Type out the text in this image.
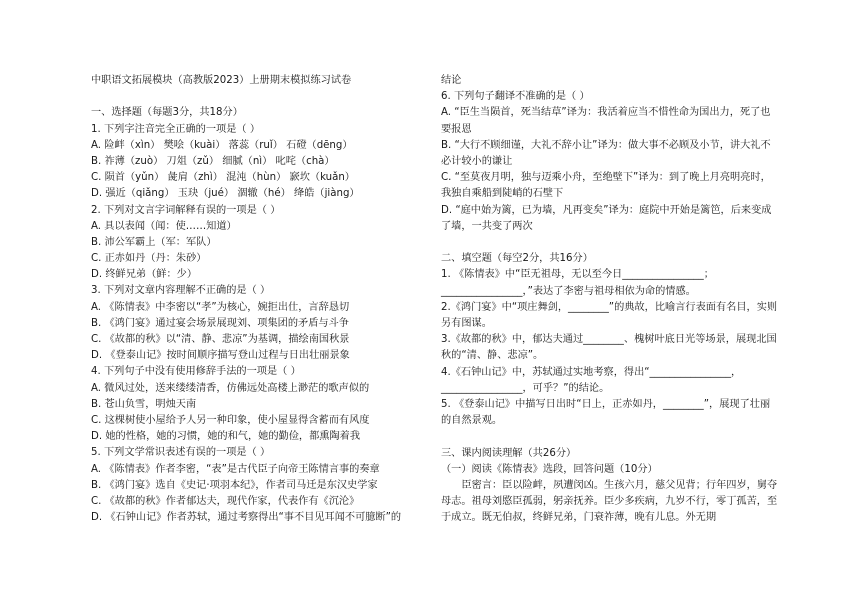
中职语文拓展模块（高教版2023）上册期末模拟练习试卷
一、选择题（每题3分，共18分）
1. 下列字注音完全正确的一项是（ ）
A. 险衅（xìn） 樊哙（kuài） 落蕊（ruǐ） 石磴（dēng）
B. 祚薄（zuò） 刀俎（zǔ） 细腻（nì） 叱咤（chà）
C. 陨首（yǔn） 彘肩（zhì） 混沌（hùn） 窾坎（kuǎn）
D. 强近（qiǎng） 玉玦（jué） 涸辙（hé） 绛皓（jiàng）
2. 下列对文言字词解释有误的一项是（ ）
A. 具以表闻（闻：使……知道）
B. 沛公军霸上（军：军队）
C. 正赤如丹（丹：朱砂）
D. 终鲜兄弟（鲜：少）
3. 下列对文章内容理解不正确的是（ ）
A. 《陈情表》中李密以“孝”为核心，婉拒出仕，言辞恳切
B. 《鸿门宴》通过宴会场景展现刘、项集团的矛盾与斗争
C. 《故都的秋》以“清、静、悲凉”为基调，描绘南国秋景
D. 《登泰山记》按时间顺序描写登山过程与日出壮丽景象
4. 下列句子中没有使用修辞手法的一项是（ ）
A. 微风过处，送来缕缕清香，仿佛远处高楼上渺茫的歌声似的
B. 苍山负雪，明烛天南
C. 这棵树使小屋给予人另一种印象，使小屋显得含蓄而有风度
D. 她的性格，她的习惯，她的和气，她的勤俭，都熏陶着我
5. 下列文学常识表述有误的一项是（ ）
A. 《陈情表》作者李密，“表”是古代臣子向帝王陈情言事的奏章
B. 《鸿门宴》选自《史记·项羽本纪》，作者司马迁是东汉史学家
C. 《故都的秋》作者郁达夫，现代作家，代表作有《沉沦》
D. 《石钟山记》作者苏轼，通过考察得出“事不目见耳闻不可臆断”的
结论
6. 下列句子翻译不准确的是（ ）
A. “臣生当陨首，死当结草”译为：我活着应当不惜性命为国出力，死了也要报恩
B. “大行不顾细谨，大礼不辞小让”译为：做大事不必顾及小节，讲大礼不必计较小的谦让
C. “至莫夜月明，独与迈乘小舟，至绝壁下”译为：到了晚上月亮明亮时，我独自乘船到陡峭的石壁下
D. “庭中始为篱，已为墙，凡再变矣”译为：庭院中开始是篱笆，后来变成了墙，一共变了两次
二、填空题（每空2分，共16分）
1. 《陈情表》中“臣无祖母，无以至今日________________；________________，”表达了李密与祖母相依为命的情感。
2.《鸿门宴》中“项庄舞剑，________”的典故，比喻言行表面有名目，实则另有图谋。
3.《故都的秋》中，郁达夫通过________、槐树叶底日光等场景，展现北国秋的“清、静、悲凉”。
4.《石钟山记》中，苏轼通过实地考察，得出“________________，________________，可乎？”的结论。
5. 《登泰山记》中描写日出时“日上，正赤如丹，________”，展现了壮丽的自然景观。
三、课内阅读理解（共26分）
（一）阅读《陈情表》选段，回答问题（10分）
臣密言：臣以险衅，夙遭闵凶。生孩六月，慈父见背；行年四岁，舅夺母志。祖母刘愍臣孤弱，躬亲抚养。臣少多疾病，九岁不行，零丁孤苦，至于成立。既无伯叔，终鲜兄弟，门衰祚薄，晚有儿息。外无期
